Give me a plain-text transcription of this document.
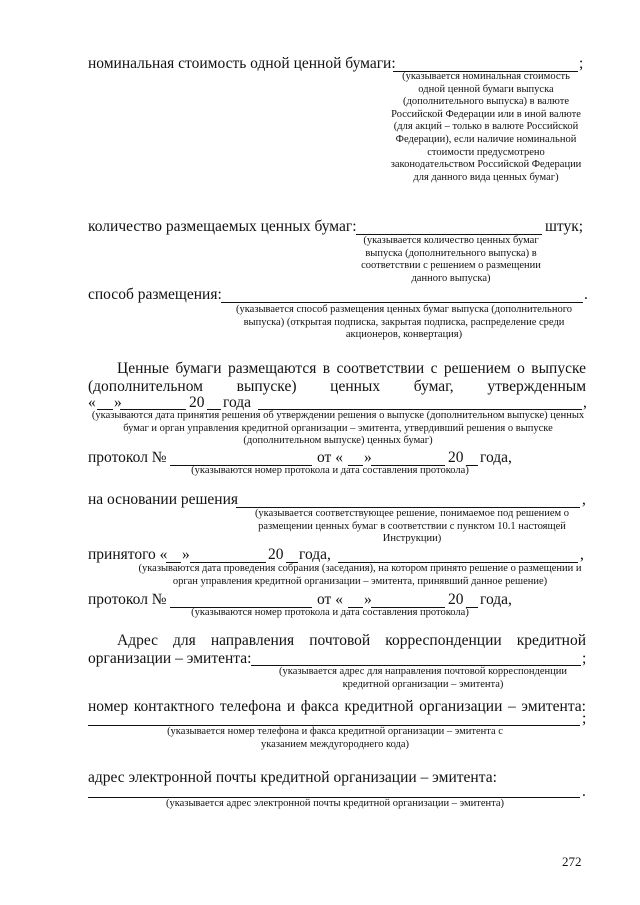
номинальная стоимость одной ценной бумаги:	;
(указывается номинальная стоимость одной ценной бумаги выпуска (дополнительного выпуска) в валюте Российской Федерации или в иной валюте (для акций – только в валюте Российской Федерации), если наличие номинальной стоимости предусмотрено законодательством Российской Федерации для данного вида ценных бумаг)
количество размещаемых ценных бумаг:	штук;
(указывается количество ценных бумаг выпуска (дополнительного выпуска) в соответствии с решением о размещении данного выпуска)
способ размещения:	.
(указывается способ размещения ценных бумаг выпуска (дополнительного выпуска) (открытая подписка, закрытая подписка, распределение среди акционеров, конвертация)
Ценные бумаги размещаются в соответствии с решением о выпуске
(дополнительном выпуске) ценных бумаг, утвержденным
« »	20 года	,
(указываются дата принятия решения об утверждении решения о выпуске (дополнительном выпуске) ценных бумаг и орган управления кредитной организации – эмитента, утвердивший решения о выпуске (дополнительном выпуске) ценных бумаг)
протокол №	от « »	20 года,
(указываются номер протокола и дата составления протокола)
на основании решения	,
(указывается соответствующее решение, понимаемое под решением о размещении ценных бумаг в соответствии с пунктом 10.1 настоящей Инструкции)
принятого « »	20 года,	,
(указываются дата проведения собрания (заседания), на котором принято решение о размещении и орган управления кредитной организации – эмитента, принявший данное решение)
протокол №	от « »	20 года,
(указываются номер протокола и дата составления протокола)
Адрес для направления почтовой корреспонденции кредитной
организации – эмитента:	;
(указывается адрес для направления почтовой корреспонденции кредитной организации – эмитента)
номер контактного телефона и факса кредитной организации – эмитента:
;
(указывается номер телефона и факса кредитной организации – эмитента с указанием междугороднего кода)
адрес электронной почты кредитной организации – эмитента:
.
(указывается адрес электронной почты кредитной организации – эмитента)
272
